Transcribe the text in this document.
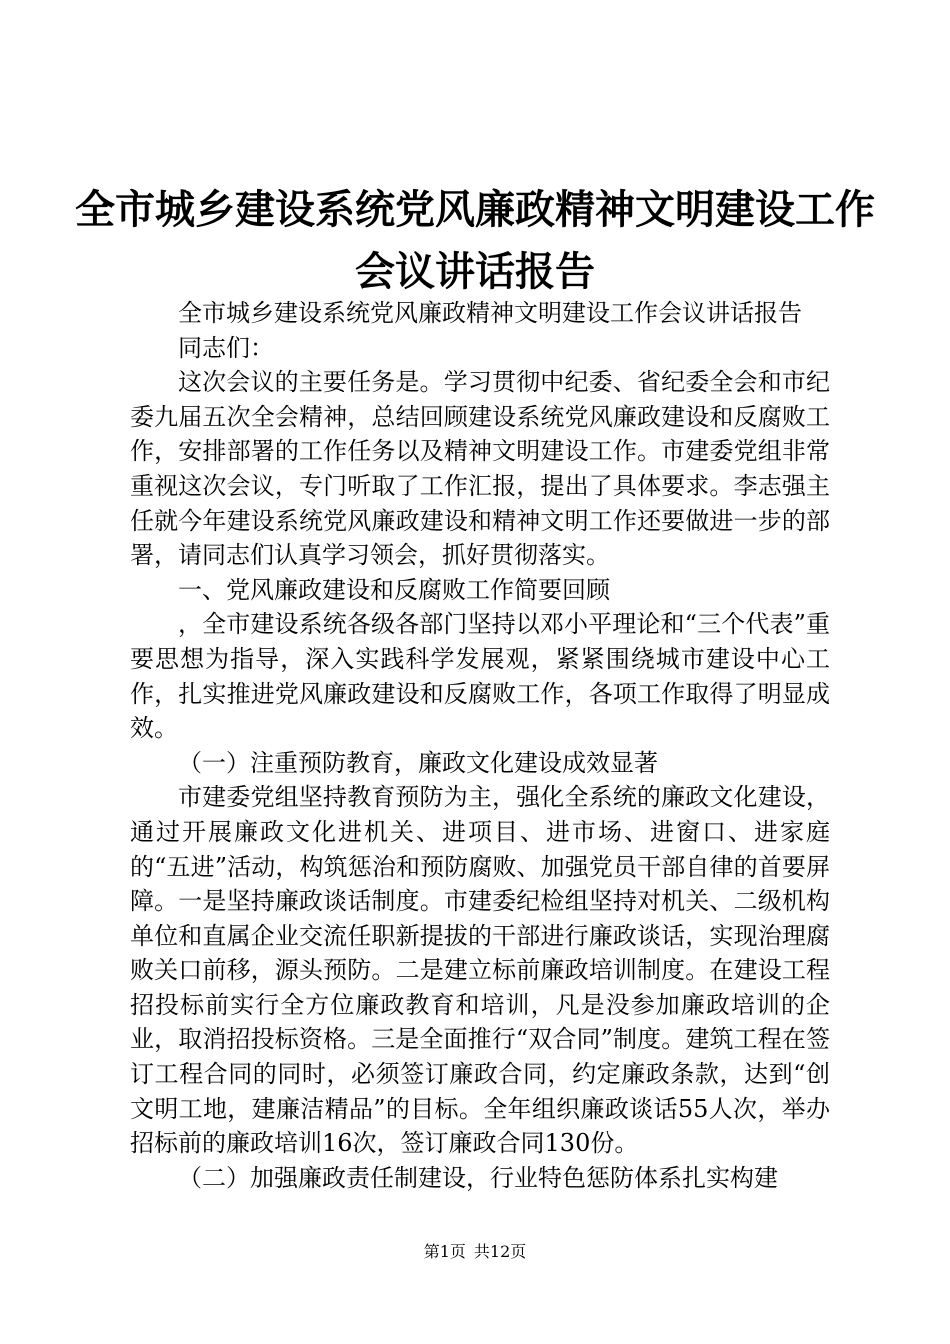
全市城乡建设系统党风廉政精神文明建设工作
会议讲话报告

全市城乡建设系统党风廉政精神文明建设工作会议讲话报告

同志们：

这次会议的主要任务是。学习贯彻中纪委、省纪委全会和市纪委九届五次全会精神，总结回顾建设系统党风廉政建设和反腐败工作，安排部署的工作任务以及精神文明建设工作。市建委党组非常重视这次会议，专门听取了工作汇报，提出了具体要求。李志强主任就今年建设系统党风廉政建设和精神文明工作还要做进一步的部署，请同志们认真学习领会，抓好贯彻落实。

一、党风廉政建设和反腐败工作简要回顾

，全市建设系统各级各部门坚持以邓小平理论和“三个代表”重要思想为指导，深入实践科学发展观，紧紧围绕城市建设中心工作，扎实推进党风廉政建设和反腐败工作，各项工作取得了明显成效。

（一）注重预防教育，廉政文化建设成效显著

市建委党组坚持教育预防为主，强化全系统的廉政文化建设，通过开展廉政文化进机关、进项目、进市场、进窗口、进家庭的“五进”活动，构筑惩治和预防腐败、加强党员干部自律的首要屏障。一是坚持廉政谈话制度。市建委纪检组坚持对机关、二级机构单位和直属企业交流任职新提拔的干部进行廉政谈话，实现治理腐败关口前移，源头预防。二是建立标前廉政培训制度。在建设工程招投标前实行全方位廉政教育和培训，凡是没参加廉政培训的企业，取消招投标资格。三是全面推行“双合同”制度。建筑工程在签订工程合同的同时，必须签订廉政合同，约定廉政条款，达到“创文明工地，建廉洁精品”的目标。全年组织廉政谈话55人次，举办招标前的廉政培训16次，签订廉政合同130份。

（二）加强廉政责任制建设，行业特色惩防体系扎实构建

第1页 共12页
